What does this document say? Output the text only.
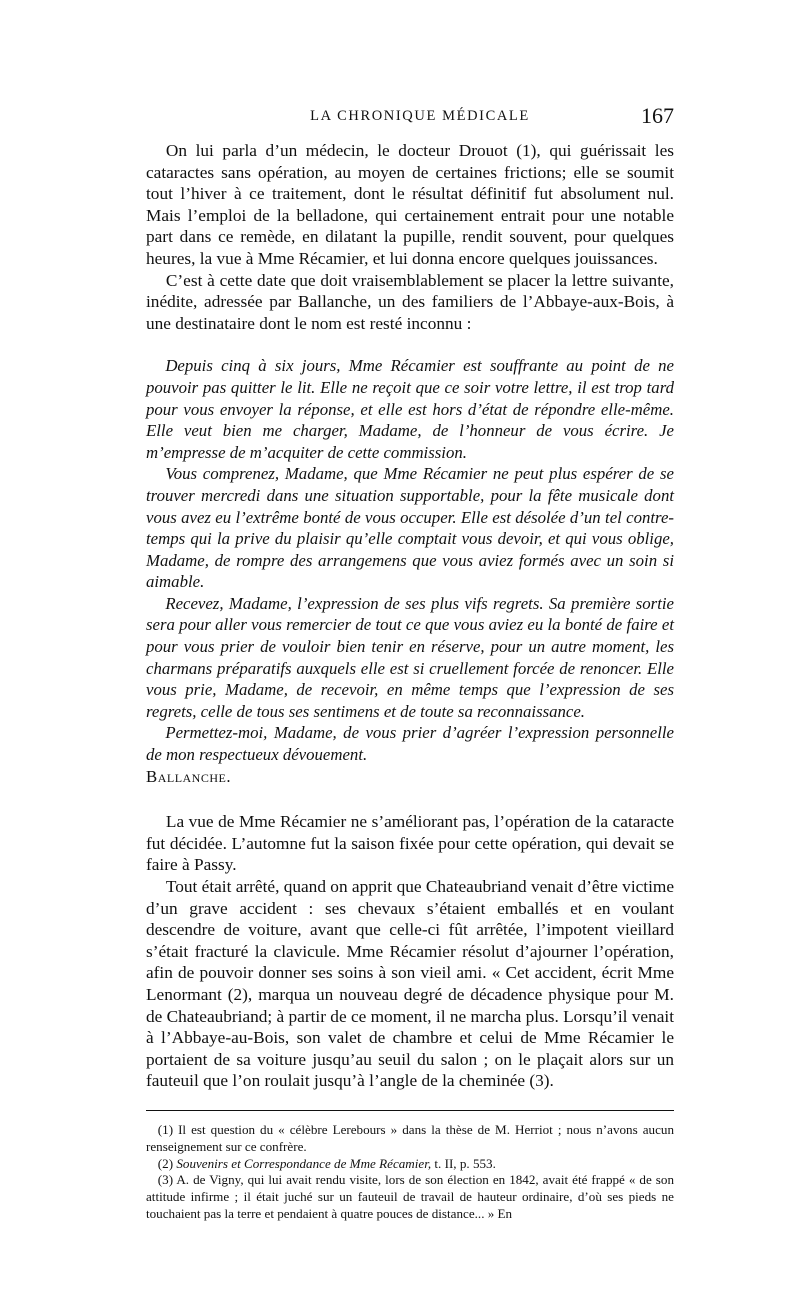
LA CHRONIQUE MÉDICALE	167

On lui parla d’un médecin, le docteur Drouot (1), qui guérissait les cataractes sans opération, au moyen de certaines frictions; elle se soumit tout l’hiver à ce traitement, dont le résultat définitif fut absolument nul. Mais l’emploi de la belladone, qui certainement entrait pour une notable part dans ce remède, en dilatant la pupille, rendit souvent, pour quelques heures, la vue à Mme Récamier, et lui donna encore quelques jouissances.

C’est à cette date que doit vraisemblablement se placer la lettre suivante, inédite, adressée par Ballanche, un des familiers de l’Abbaye-aux-Bois, à une destinataire dont le nom est resté inconnu :

Depuis cinq à six jours, Mme Récamier est souffrante au point de ne pouvoir pas quitter le lit. Elle ne reçoit que ce soir votre lettre, il est trop tard pour vous envoyer la réponse, et elle est hors d’état de répondre elle-même. Elle veut bien me charger, Madame, de l’honneur de vous écrire. Je m’empresse de m’acquiter de cette commission.

Vous comprenez, Madame, que Mme Récamier ne peut plus espérer de se trouver mercredi dans une situation supportable, pour la fête musicale dont vous avez eu l’extrême bonté de vous occuper. Elle est désolée d’un tel contre-temps qui la prive du plaisir qu’elle comptait vous devoir, et qui vous oblige, Madame, de rompre des arrangemens que vous aviez formés avec un soin si aimable.

Recevez, Madame, l’expression de ses plus vifs regrets. Sa première sortie sera pour aller vous remercier de tout ce que vous aviez eu la bonté de faire et pour vous prier de vouloir bien tenir en réserve, pour un autre moment, les charmans préparatifs auxquels elle est si cruellement forcée de renoncer. Elle vous prie, Madame, de recevoir, en même temps que l’expression de ses regrets, celle de tous ses sentimens et de toute sa reconnaissance.

Permettez-moi, Madame, de vous prier d’agréer l’expression personnelle de mon respectueux dévouement.

Ballanche.

La vue de Mme Récamier ne s’améliorant pas, l’opération de la cataracte fut décidée. L’automne fut la saison fixée pour cette opération, qui devait se faire à Passy.

Tout était arrêté, quand on apprit que Chateaubriand venait d’être victime d’un grave accident : ses chevaux s’étaient emballés et en voulant descendre de voiture, avant que celle-ci fût arrêtée, l’impotent vieillard s’était fracturé la clavicule. Mme Récamier résolut d’ajourner l’opération, afin de pouvoir donner ses soins à son vieil ami. « Cet accident, écrit Mme Lenormant (2), marqua un nouveau degré de décadence physique pour M. de Chateaubriand; à partir de ce moment, il ne marcha plus. Lorsqu’il venait à l’Abbaye-au-Bois, son valet de chambre et celui de Mme Récamier le portaient de sa voiture jusqu’au seuil du salon ; on le plaçait alors sur un fauteuil que l’on roulait jusqu’à l’angle de la cheminée (3).

(1) Il est question du « célèbre Lerebours » dans la thèse de M. Herriot ; nous n’avons aucun renseignement sur ce confrère.

(2) Souvenirs et Correspondance de Mme Récamier, t. II, p. 553.

(3) A. de Vigny, qui lui avait rendu visite, lors de son élection en 1842, avait été frappé « de son attitude infirme ; il était juché sur un fauteuil de travail de hauteur ordinaire, d’où ses pieds ne touchaient pas la terre et pendaient à quatre pouces de distance... » En
